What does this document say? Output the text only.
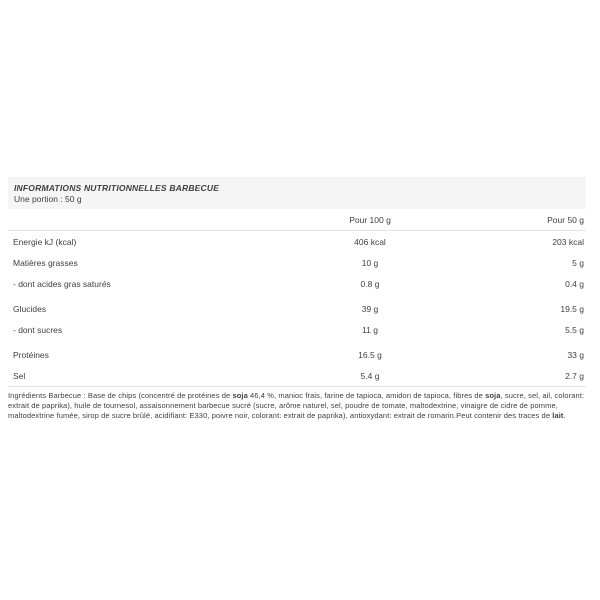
INFORMATIONS NUTRITIONNELLES BARBECUE
Une portion : 50 g
Pour 100 g	Pour 50 g
Energie kJ (kcal)	406 kcal	203 kcal
Matières grasses	10 g	5 g
- dont acides gras saturés	0.8 g	0.4 g
Glucides	39 g	19.5 g
- dont sucres	11 g	5.5 g
Protéines	16.5 g	33 g
Sel	5.4 g	2.7 g

Ingrédients Barbecue : Base de chips (concentré de protéines de soja 46,4 %, manioc frais, farine de tapioca, amidon de tapioca, fibres de soja, sucre, sel, ail, colorant: extrait de paprika), huile de tournesol, assaisonnement barbecue sucré (sucre, arôme naturel, sel, poudre de tomate, maltodextrine, vinaigre de cidre de pomme, maltodextrine fumée, sirop de sucre brûlé, acidifiant: E330, poivre noir, colorant: extrait de paprika), antioxydant: extrait de romarin.Peut contenir des traces de lait.
